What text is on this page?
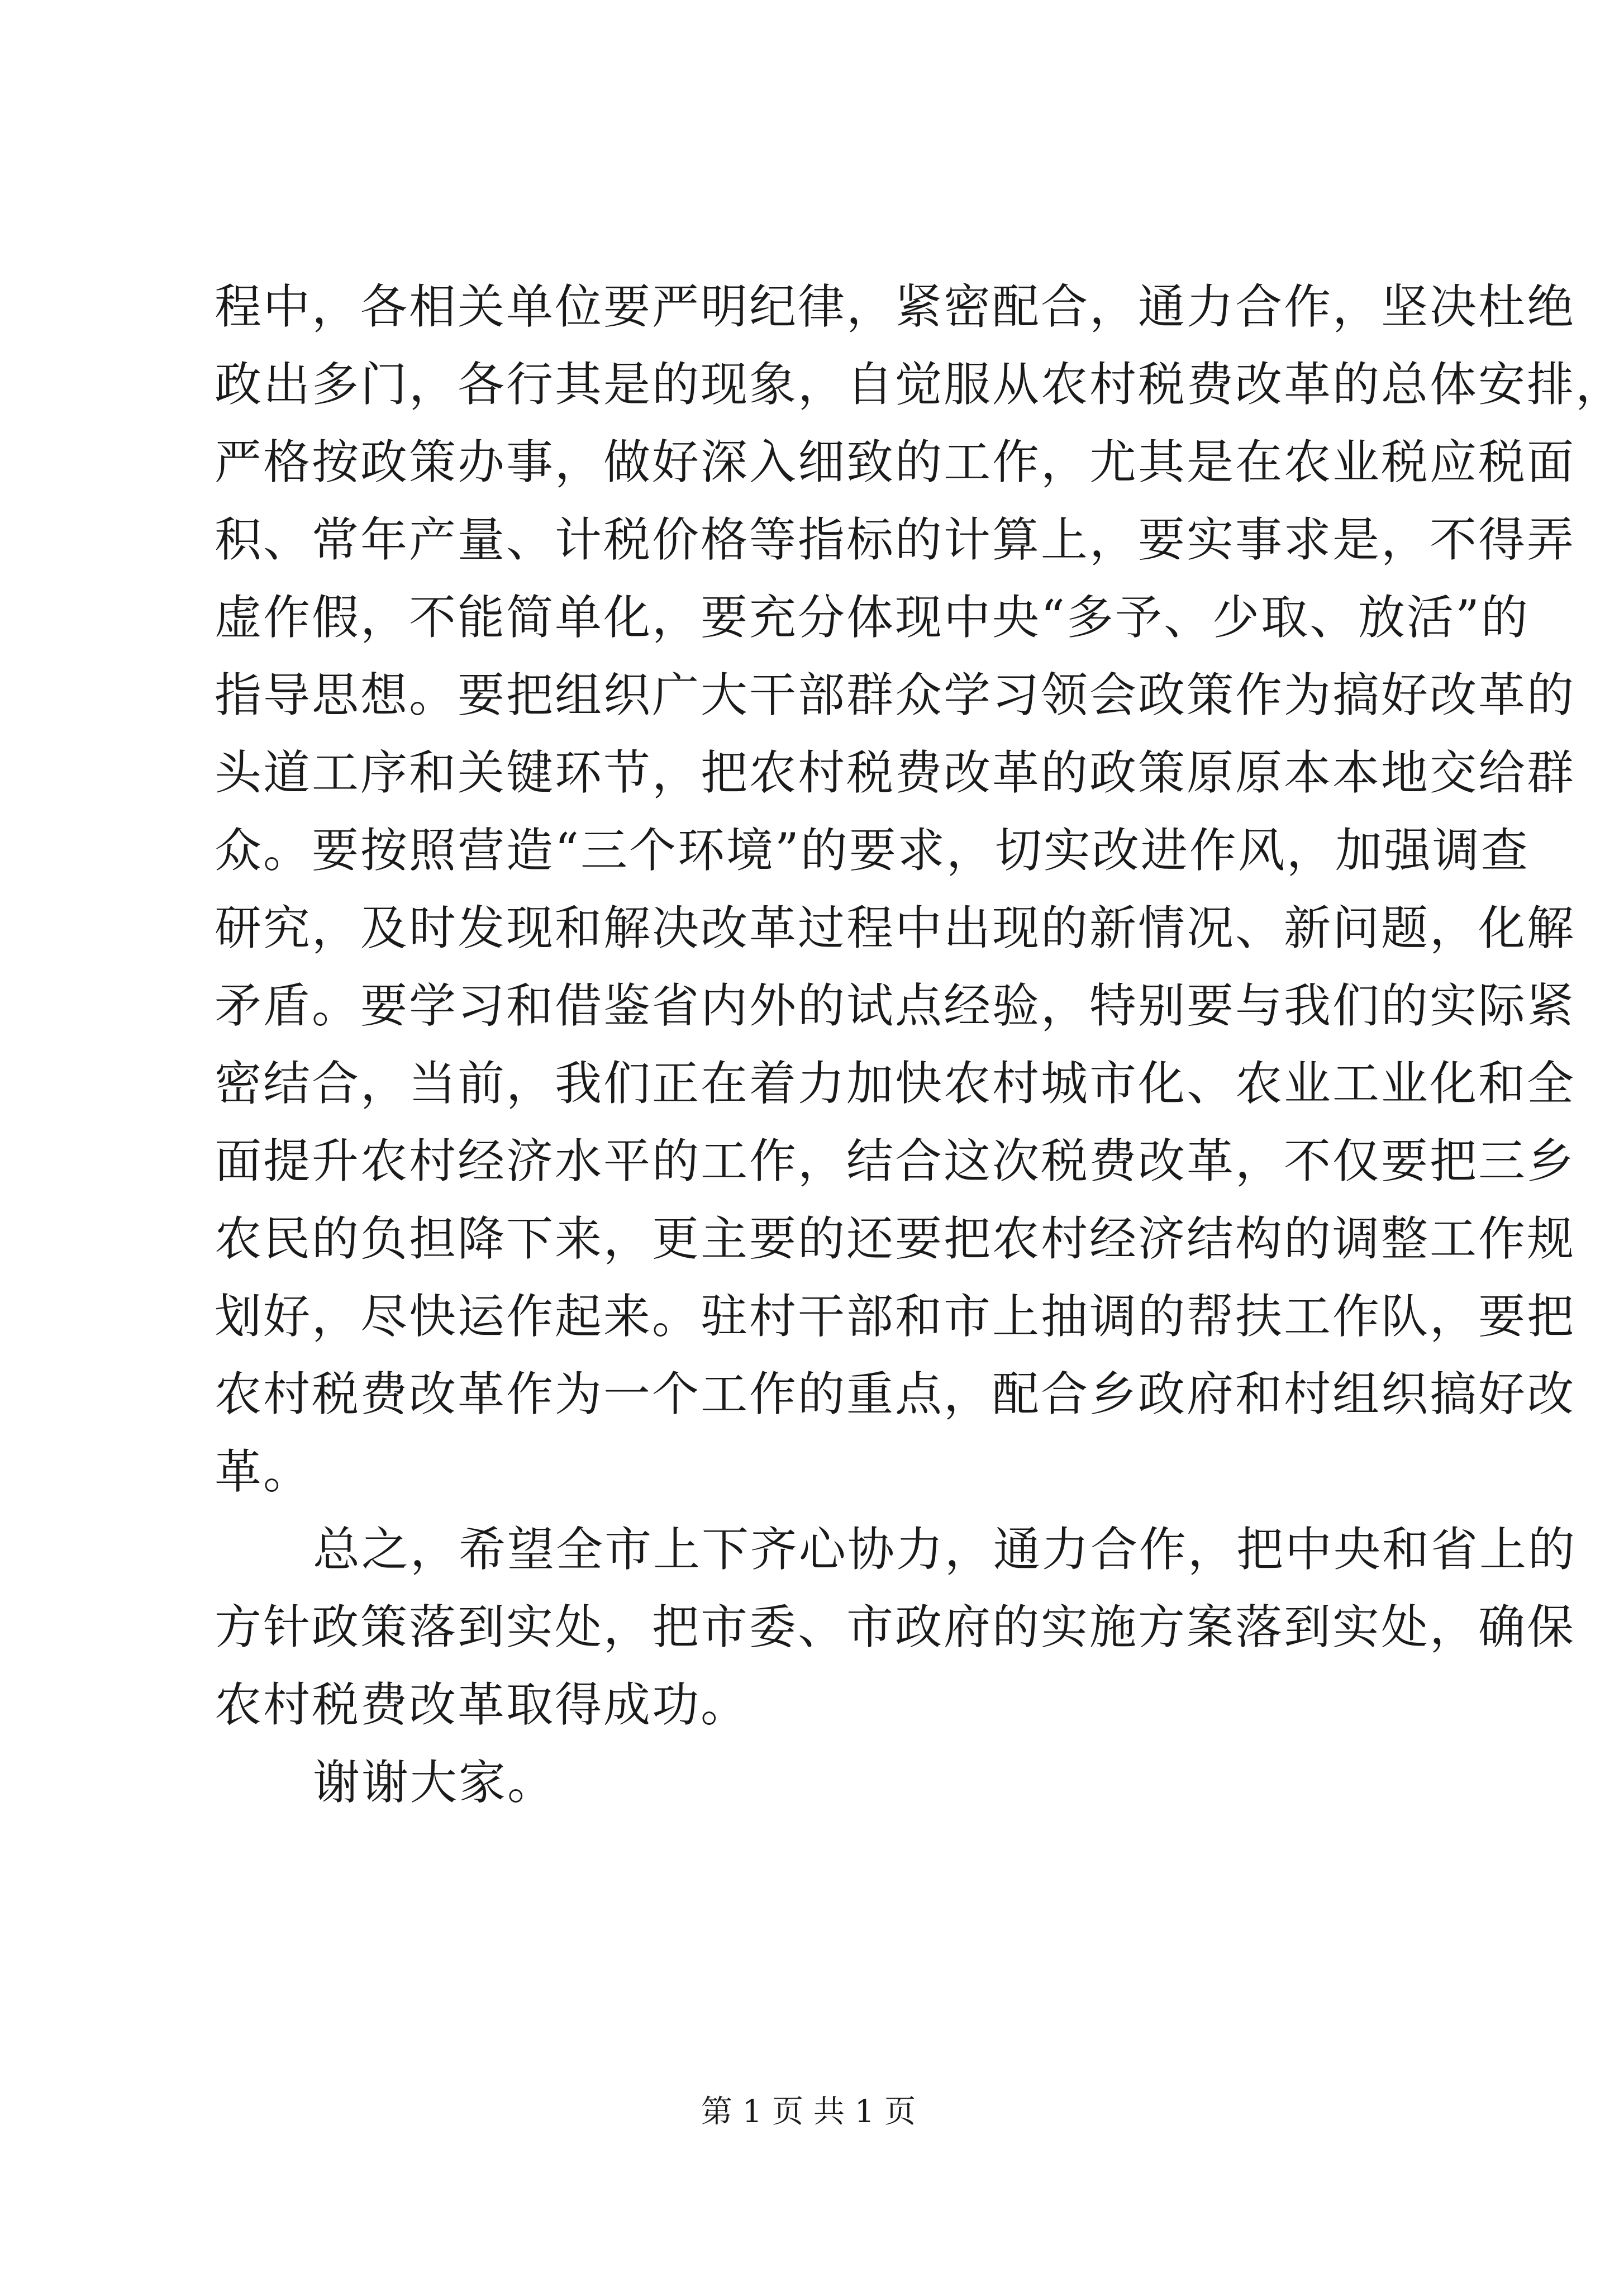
程中，各相关单位要严明纪律，紧密配合，通力合作，坚决杜绝
政出多门，各行其是的现象，自觉服从农村税费改革的总体安排，
严格按政策办事，做好深入细致的工作，尤其是在农业税应税面
积、常年产量、计税价格等指标的计算上，要实事求是，不得弄
虚作假，不能简单化，要充分体现中央“多予、少取、放活”的
指导思想。要把组织广大干部群众学习领会政策作为搞好改革的
头道工序和关键环节，把农村税费改革的政策原原本本地交给群
众。要按照营造“三个环境”的要求，切实改进作风，加强调查
研究，及时发现和解决改革过程中出现的新情况、新问题，化解
矛盾。要学习和借鉴省内外的试点经验，特别要与我们的实际紧
密结合，当前，我们正在着力加快农村城市化、农业工业化和全
面提升农村经济水平的工作，结合这次税费改革，不仅要把三乡
农民的负担降下来，更主要的还要把农村经济结构的调整工作规
划好，尽快运作起来。驻村干部和市上抽调的帮扶工作队，要把
农村税费改革作为一个工作的重点，配合乡政府和村组织搞好改
革。
总之，希望全市上下齐心协力，通力合作，把中央和省上的
方针政策落到实处，把市委、市政府的实施方案落到实处，确保
农村税费改革取得成功。
谢谢大家。
第 1 页 共 1 页
